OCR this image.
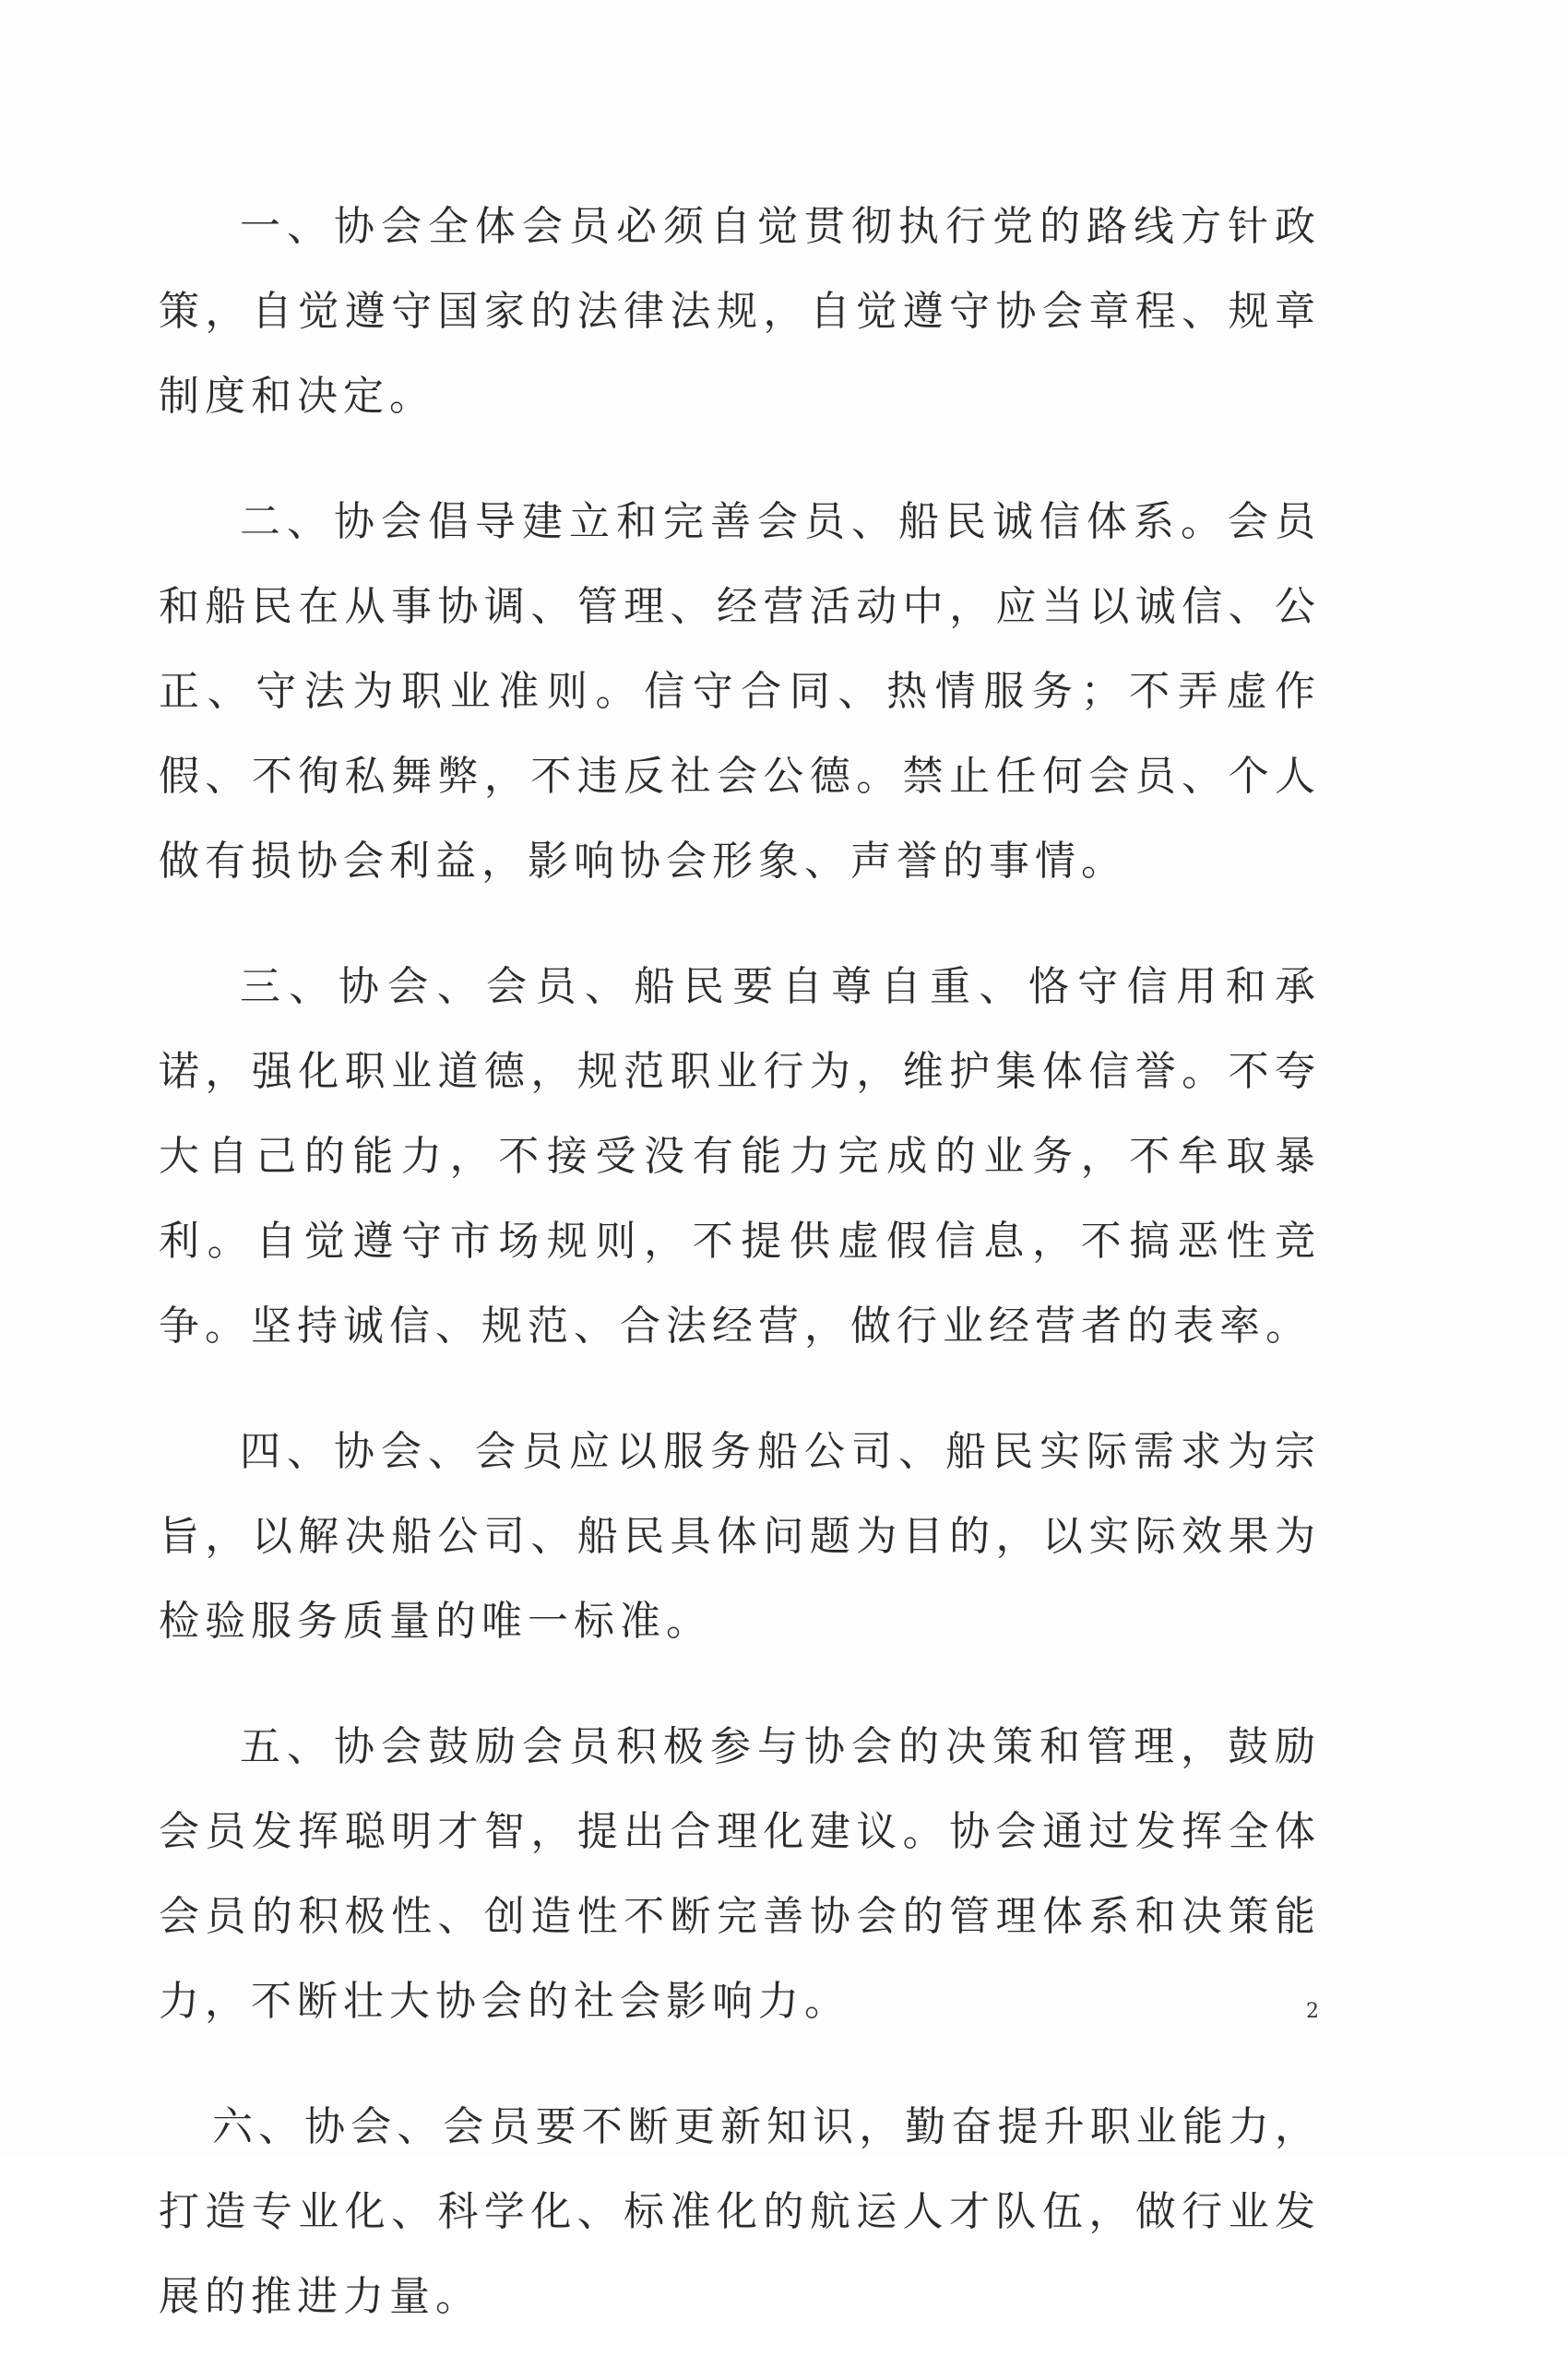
一、协会全体会员必须自觉贯彻执行党的路线方针政策，自觉遵守国家的法律法规，自觉遵守协会章程、规章制度和决定。

二、协会倡导建立和完善会员、船民诚信体系。会员和船民在从事协调、管理、经营活动中，应当以诚信、公正、守法为职业准则。信守合同、热情服务；不弄虚作假、不徇私舞弊，不违反社会公德。禁止任何会员、个人做有损协会利益，影响协会形象、声誉的事情。

三、协会、会员、船民要自尊自重、恪守信用和承诺，强化职业道德，规范职业行为，维护集体信誉。不夸大自己的能力，不接受没有能力完成的业务，不牟取暴利。自觉遵守市场规则，不提供虚假信息，不搞恶性竞争。坚持诚信、规范、合法经营，做行业经营者的表率。

四、协会、会员应以服务船公司、船民实际需求为宗旨，以解决船公司、船民具体问题为目的，以实际效果为检验服务质量的唯一标准。

五、协会鼓励会员积极参与协会的决策和管理，鼓励会员发挥聪明才智，提出合理化建议。协会通过发挥全体会员的积极性、创造性不断完善协会的管理体系和决策能力，不断壮大协会的社会影响力。

六、协会、会员要不断更新知识，勤奋提升职业能力，打造专业化、科学化、标准化的航运人才队伍，做行业发展的推进力量。

2
